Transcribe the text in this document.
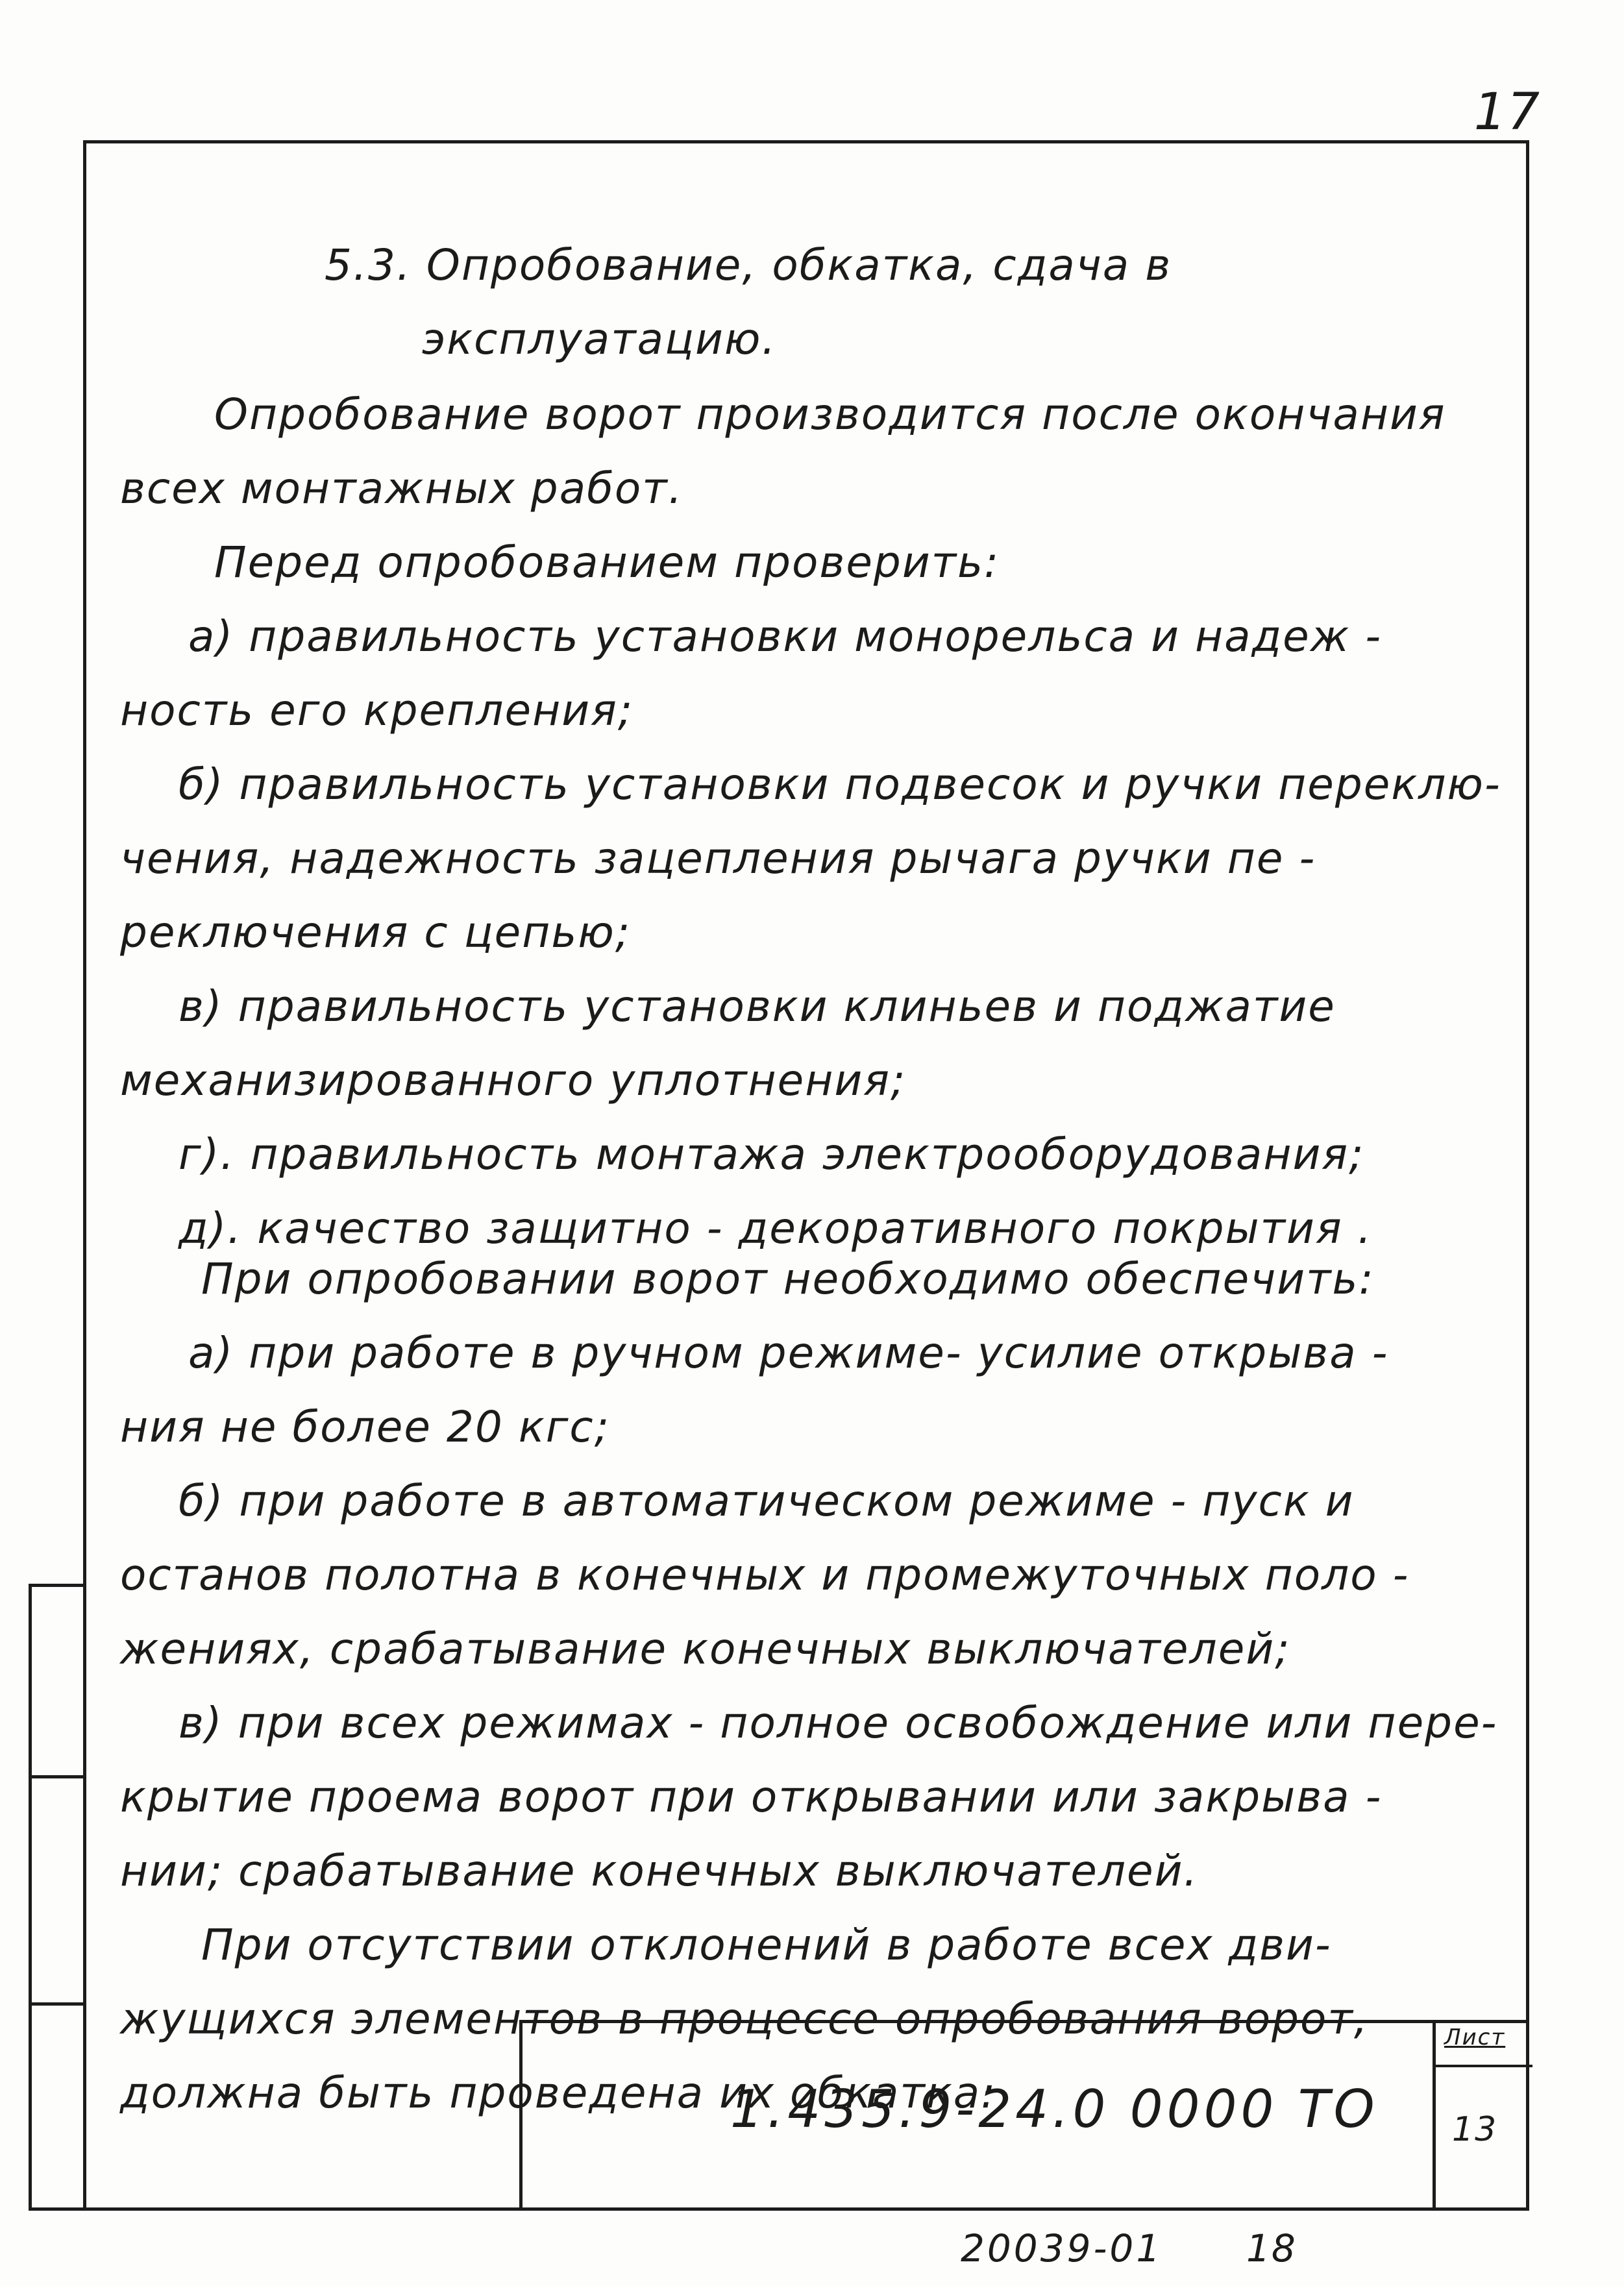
17
5.3. Опробование, обкатка, сдача в
эксплуатацию.
Опробование ворот производится после окончания
всех монтажных работ.
Перед опробованием проверить:
а) правильность установки монорельса и надеж -
ность его крепления;
б) правильность установки подвесок и ручки переклю-
чения, надежность зацепления рычага ручки пе -
реключения с цепью;
в) правильность установки клиньев и поджатие
механизированного уплотнения;
г). правильность монтажа электрооборудования;
д). качество защитно - декоративного покрытия .
При опробовании ворот необходимо обеспечить:
а) при работе в ручном режиме- усилие открыва -
ния не более 20 кгс;
б) при работе в автоматическом режиме - пуск и
останов полотна в конечных и промежуточных поло -
жениях, срабатывание конечных выключателей;
в) при всех режимах - полное освобождение или пере-
крытие проема ворот при открывании или закрыва -
нии; срабатывание конечных выключателей.
При отсутствии отклонений в работе всех дви-
жущихся элементов в процессе опробования ворот,
должна быть проведена их обкатка:
1.435.9-24.0 0000 ТО
Лист
13
20039-01 18
